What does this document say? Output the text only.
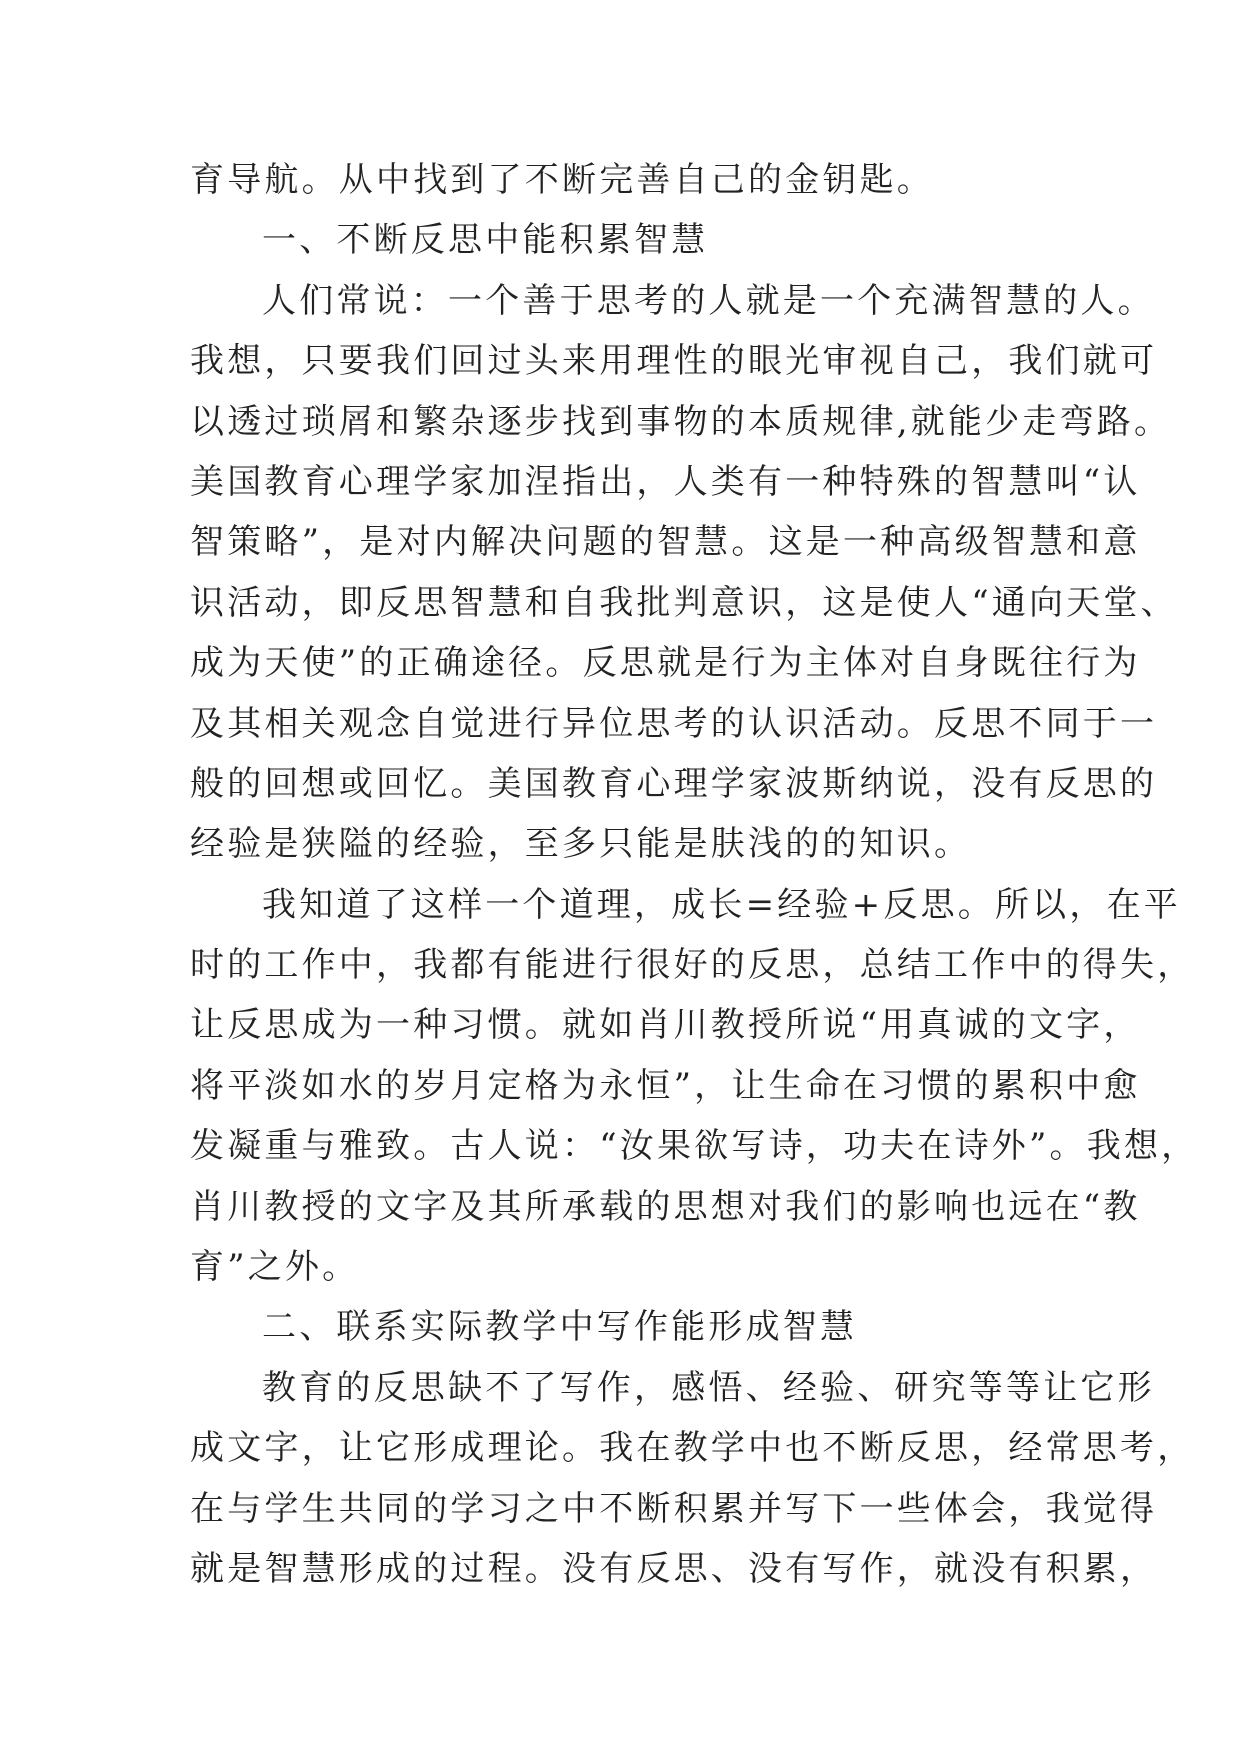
育导航。从中找到了不断完善自己的金钥匙。
一、不断反思中能积累智慧
人们常说：一个善于思考的人就是一个充满智慧的人。
我想，只要我们回过头来用理性的眼光审视自己，我们就可
以透过琐屑和繁杂逐步找到事物的本质规律,就能少走弯路。
美国教育心理学家加涅指出，人类有一种特殊的智慧叫“认
智策略”，是对内解决问题的智慧。这是一种高级智慧和意
识活动，即反思智慧和自我批判意识，这是使人“通向天堂、
成为天使”的正确途径。反思就是行为主体对自身既往行为
及其相关观念自觉进行异位思考的认识活动。反思不同于一
般的回想或回忆。美国教育心理学家波斯纳说，没有反思的
经验是狭隘的经验，至多只能是肤浅的的知识。
我知道了这样一个道理，成长=经验+反思。所以，在平
时的工作中，我都有能进行很好的反思，总结工作中的得失，
让反思成为一种习惯。就如肖川教授所说“用真诚的文字，
将平淡如水的岁月定格为永恒”，让生命在习惯的累积中愈
发凝重与雅致。古人说：“汝果欲写诗，功夫在诗外”。我想，
肖川教授的文字及其所承载的思想对我们的影响也远在“教
育”之外。
二、联系实际教学中写作能形成智慧
教育的反思缺不了写作，感悟、经验、研究等等让它形
成文字，让它形成理论。我在教学中也不断反思，经常思考，
在与学生共同的学习之中不断积累并写下一些体会，我觉得
就是智慧形成的过程。没有反思、没有写作，就没有积累，
